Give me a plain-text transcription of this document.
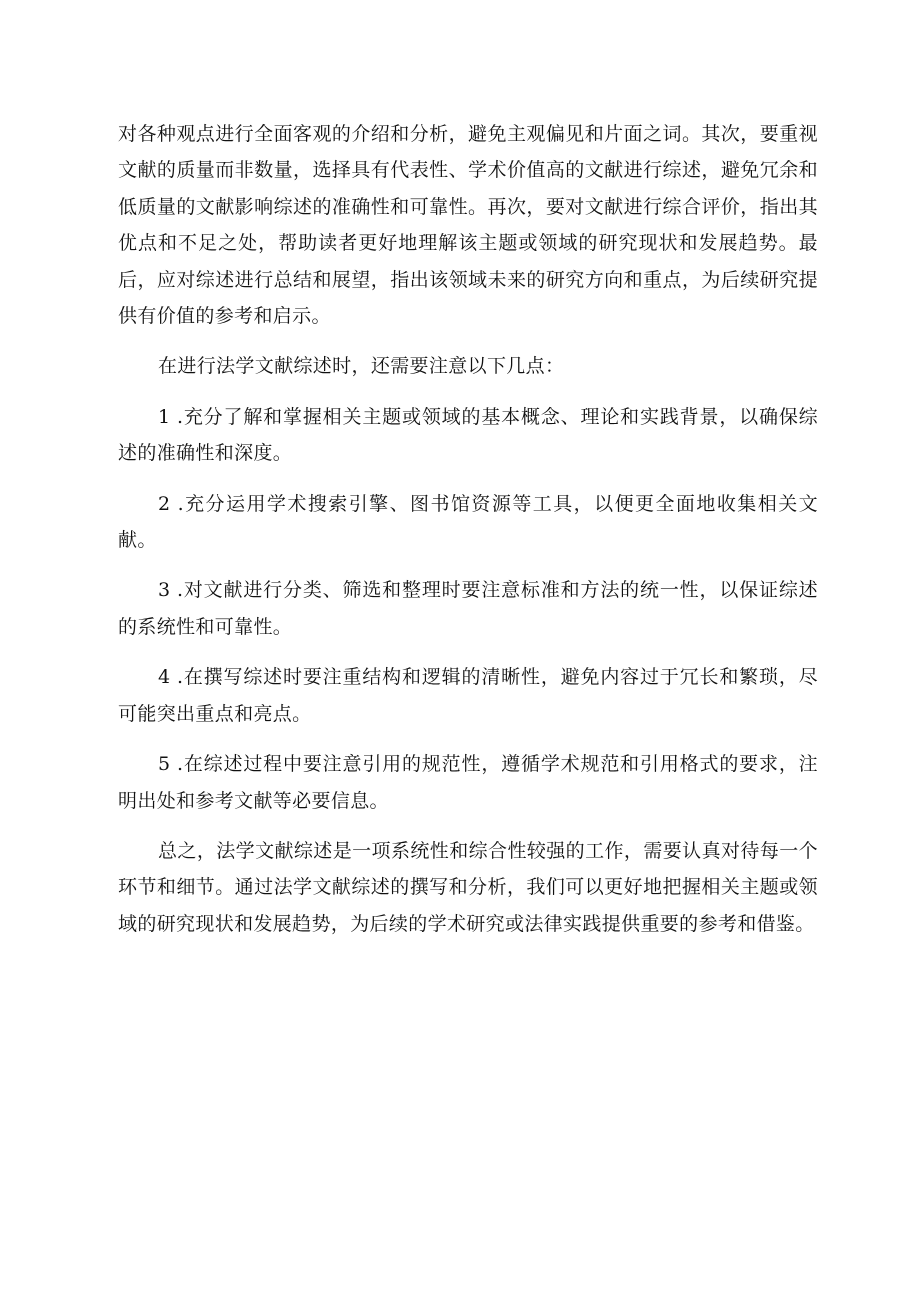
对各种观点进行全面客观的介绍和分析，避免主观偏见和片面之词。其次，要重视文献的质量而非数量，选择具有代表性、学术价值高的文献进行综述，避免冗余和低质量的文献影响综述的准确性和可靠性。再次，要对文献进行综合评价，指出其优点和不足之处，帮助读者更好地理解该主题或领域的研究现状和发展趋势。最后，应对综述进行总结和展望，指出该领域未来的研究方向和重点，为后续研究提供有价值的参考和启示。

在进行法学文献综述时，还需要注意以下几点：

1 .充分了解和掌握相关主题或领域的基本概念、理论和实践背景，以确保综述的准确性和深度。

2 .充分运用学术搜索引擎、图书馆资源等工具，以便更全面地收集相关文献。

3 .对文献进行分类、筛选和整理时要注意标准和方法的统一性，以保证综述的系统性和可靠性。

4 .在撰写综述时要注重结构和逻辑的清晰性，避免内容过于冗长和繁琐，尽可能突出重点和亮点。

5 .在综述过程中要注意引用的规范性，遵循学术规范和引用格式的要求，注明出处和参考文献等必要信息。

总之，法学文献综述是一项系统性和综合性较强的工作，需要认真对待每一个环节和细节。通过法学文献综述的撰写和分析，我们可以更好地把握相关主题或领域的研究现状和发展趋势，为后续的学术研究或法律实践提供重要的参考和借鉴。
